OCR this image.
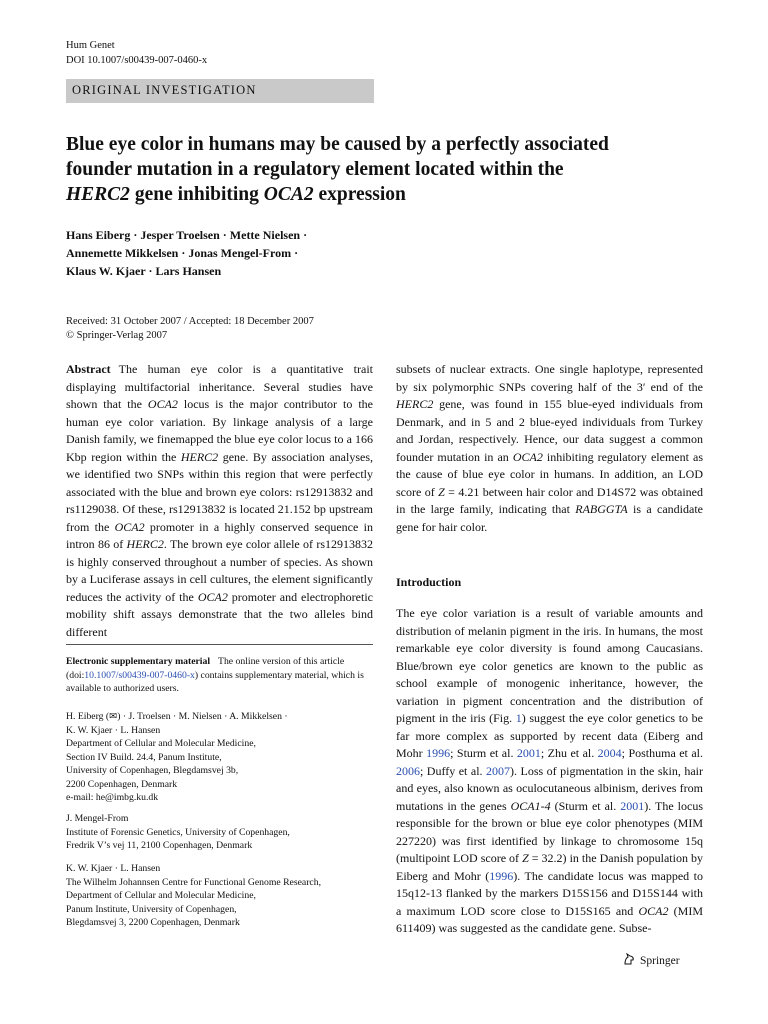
Hum Genet
DOI 10.1007/s00439-007-0460-x
ORIGINAL INVESTIGATION
Blue eye color in humans may be caused by a perfectly associated founder mutation in a regulatory element located within the HERC2 gene inhibiting OCA2 expression
Hans Eiberg · Jesper Troelsen · Mette Nielsen ·
Annemette Mikkelsen · Jonas Mengel-From ·
Klaus W. Kjaer · Lars Hansen
Received: 31 October 2007 / Accepted: 18 December 2007
© Springer-Verlag 2007
Abstract The human eye color is a quantitative trait displaying multifactorial inheritance. Several studies have shown that the OCA2 locus is the major contributor to the human eye color variation. By linkage analysis of a large Danish family, we finemapped the blue eye color locus to a 166 Kbp region within the HERC2 gene. By association analyses, we identified two SNPs within this region that were perfectly associated with the blue and brown eye colors: rs12913832 and rs1129038. Of these, rs12913832 is located 21.152 bp upstream from the OCA2 promoter in a highly conserved sequence in intron 86 of HERC2. The brown eye color allele of rs12913832 is highly conserved throughout a number of species. As shown by a Luciferase assays in cell cultures, the element significantly reduces the activity of the OCA2 promoter and electrophoretic mobility shift assays demonstrate that the two alleles bind different
subsets of nuclear extracts. One single haplotype, represented by six polymorphic SNPs covering half of the 3′ end of the HERC2 gene, was found in 155 blue-eyed individuals from Denmark, and in 5 and 2 blue-eyed individuals from Turkey and Jordan, respectively. Hence, our data suggest a common founder mutation in an OCA2 inhibiting regulatory element as the cause of blue eye color in humans. In addition, an LOD score of Z = 4.21 between hair color and D14S72 was obtained in the large family, indicating that RABGGTA is a candidate gene for hair color.
Introduction
The eye color variation is a result of variable amounts and distribution of melanin pigment in the iris. In humans, the most remarkable eye color diversity is found among Caucasians. Blue/brown eye color genetics are known to the public as school example of monogenic inheritance, however, the variation in pigment concentration and the distribution of pigment in the iris (Fig. 1) suggest the eye color genetics to be far more complex as supported by recent data (Eiberg and Mohr 1996; Sturm et al. 2001; Zhu et al. 2004; Posthuma et al. 2006; Duffy et al. 2007). Loss of pigmentation in the skin, hair and eyes, also known as oculocutaneous albinism, derives from mutations in the genes OCA1-4 (Sturm et al. 2001). The locus responsible for the brown or blue eye color phenotypes (MIM 227220) was first identified by linkage to chromosome 15q (multipoint LOD score of Z = 32.2) in the Danish population by Eiberg and Mohr (1996). The candidate locus was mapped to 15q12-13 flanked by the markers D15S156 and D15S144 with a maximum LOD score close to D15S165 and OCA2 (MIM 611409) was suggested as the candidate gene. Subse-
Electronic supplementary material The online version of this article (doi:10.1007/s00439-007-0460-x) contains supplementary material, which is available to authorized users.
H. Eiberg (✉) · J. Troelsen · M. Nielsen · A. Mikkelsen ·
K. W. Kjaer · L. Hansen
Department of Cellular and Molecular Medicine,
Section IV Build. 24.4, Panum Institute,
University of Copenhagen, Blegdamsvej 3b,
2200 Copenhagen, Denmark
e-mail: he@imbg.ku.dk
J. Mengel-From
Institute of Forensic Genetics, University of Copenhagen,
Fredrik V’s vej 11, 2100 Copenhagen, Denmark
K. W. Kjaer · L. Hansen
The Wilhelm Johannsen Centre for Functional Genome Research,
Department of Cellular and Molecular Medicine,
Panum Institute, University of Copenhagen,
Blegdamsvej 3, 2200 Copenhagen, Denmark
Springer
